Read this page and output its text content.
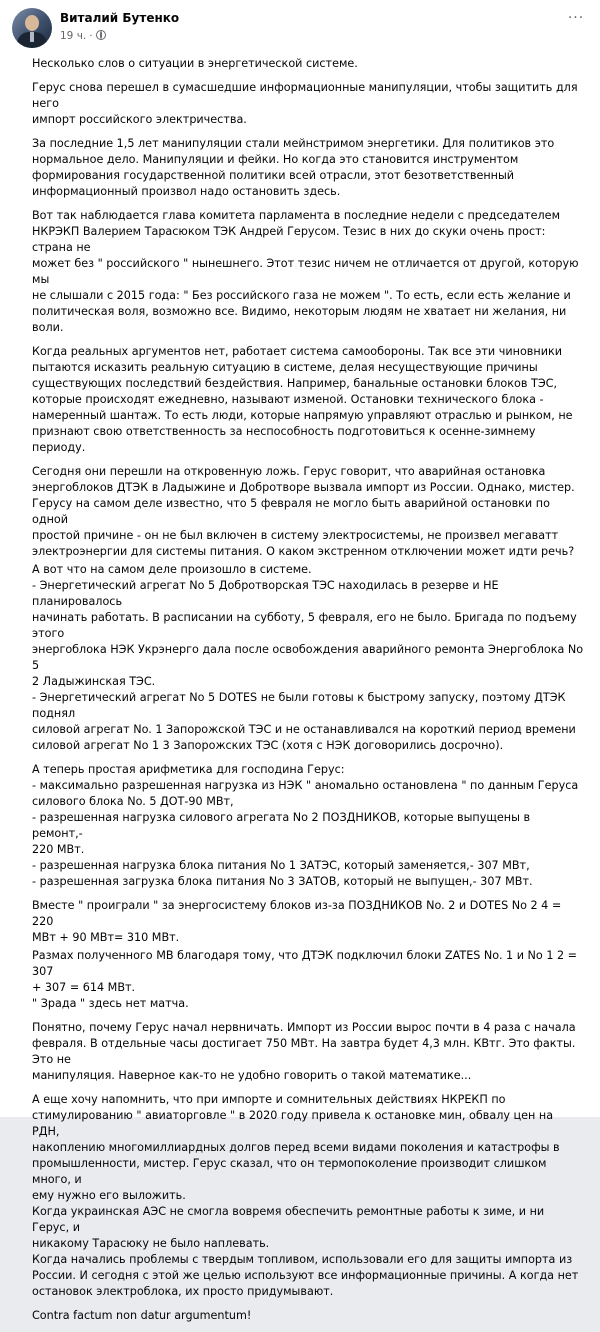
Виталий Бутенко
19 ч. ·
···

Несколько слов о ситуации в энергетической системе.

Герус снова перешел в сумасшедшие информационные манипуляции, чтобы защитить для него
импорт российского электричества.

За последние 1,5 лет манипуляции стали мейнстримом энергетики. Для политиков это
нормальное дело. Манипуляции и фейки. Но когда это становится инструментом
формирования государственной политики всей отрасли, этот безответственный
информационный произвол надо остановить здесь.

Вот так наблюдается глава комитета парламента в последние недели с председателем
НКРЭКП Валерием Тарасюком ТЭК Андрей Герусом. Тезис в них до скуки очень прост: страна не
может без " российского " нынешнего. Этот тезис ничем не отличается от другой, которую мы
не слышали с 2015 года: " Без российского газа не можем ". То есть, если есть желание и
политическая воля, возможно все. Видимо, некоторым людям не хватает ни желания, ни воли.

Когда реальных аргументов нет, работает система самообороны. Так все эти чиновники
пытаются исказить реальную ситуацию в системе, делая несуществующие причины
существующих последствий бездействия. Например, банальные остановки блоков ТЭС,
которые происходят ежедневно, называют изменой. Остановки технического блока -
намеренный шантаж. То есть люди, которые напрямую управляют отраслью и рынком, не
признают свою ответственность за неспособность подготовиться к осенне-зимнему периоду.

Сегодня они перешли на откровенную ложь. Герус говорит, что аварийная остановка
энергоблоков ДТЭК в Ладыжине и Добротворе вызвала импорт из России. Однако, мистер.
Герусу на самом деле известно, что 5 февраля не могло быть аварийной остановки по одной
простой причине - он не был включен в систему электросистемы, не произвел мегаватт
электроэнергии для системы питания. О каком экстренном отключении может идти речь?

А вот что на самом деле произошло в системе.
- Энергетический агрегат No 5 Добротворская ТЭС находилась в резерве и НЕ планировалось
начинать работать. В расписании на субботу, 5 февраля, его не было. Бригада по подъему этого
энергоблока НЭК Укрэнерго дала после освобождения аварийного ремонта Энергоблока No 5
2 Ладыжинская ТЭС.
- Энергетический агрегат No 5 DOTES не были готовы к быстрому запуску, поэтому ДТЭК поднял
силовой агрегат No. 1 Запорожской ТЭС и не останавливался на короткий период времени
силовой агрегат No 1 3 Запорожских ТЭС (хотя с НЭК договорились досрочно).

А теперь простая арифметика для господина Герус:
- максимально разрешенная нагрузка из НЭК " аномально остановлена " по данным Геруса
силового блока No. 5 ДОТ-90 МВт,
- разрешенная нагрузка силового агрегата No 2 ПОЗДНИКОВ, которые выпущены в ремонт,-
220 МВт.
- разрешенная нагрузка блока питания No 1 ЗАТЭС, который заменяется,- 307 МВт,
- разрешенная загрузка блока питания No 3 ЗАТОВ, который не выпущен,- 307 МВт.

Вместе " проиграли " за энергосистему блоков из-за ПОЗДНИКОВ No. 2 и DOTES No 2 4 = 220
МВт + 90 МВт= 310 МВт.

Размах полученного МВ благодаря тому, что ДТЭК подключил блоки ZATES No. 1 и No 1 2 = 307
+ 307 = 614 МВт.
" Зрада " здесь нет матча.

Понятно, почему Герус начал нервничать. Импорт из России вырос почти в 4 раза с начала
февраля. В отдельные часы достигает 750 МВт. На завтра будет 4,3 млн. КВтг. Это факты. Это не
манипуляция. Наверное как-то не удобно говорить о такой математике...

А еще хочу напомнить, что при импорте и сомнительных действиях НКРЕКП по
стимулированию " авиаторговле " в 2020 году привела к остановке мин, обвалу цен на РДН,
накоплению многомиллиардных долгов перед всеми видами поколения и катастрофы в
промышленности, мистер. Герус сказал, что он термопоколение производит слишком много, и
ему нужно его выложить.
Когда украинская АЭС не смогла вовремя обеспечить ремонтные работы к зиме, и ни Герус, и
никакому Тарасюку не было наплевать.
Когда начались проблемы с твердым топливом, использовали его для защиты импорта из
России. И сегодня с этой же целью используют все информационные причины. А когда нет
остановок электроблока, их просто придумывают.

Contra factum non datur argumentum!
